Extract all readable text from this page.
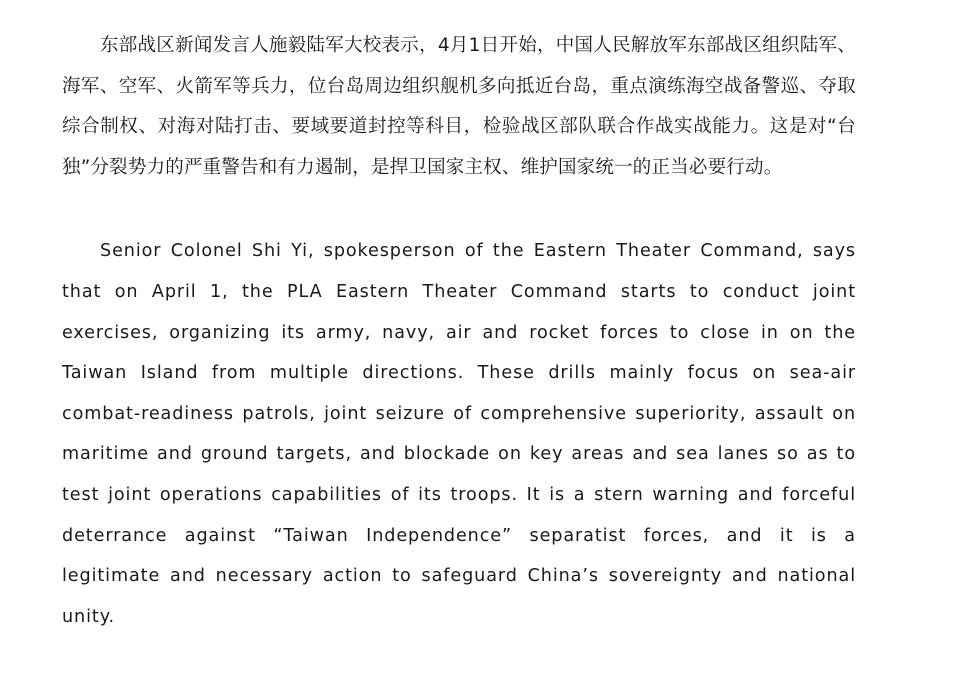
东部战区新闻发言人施毅陆军大校表示，4月1日开始，中国人民解放军东部战区组织陆军、海军、空军、火箭军等兵力，位台岛周边组织舰机多向抵近台岛，重点演练海空战备警巡、夺取综合制权、对海对陆打击、要域要道封控等科目，检验战区部队联合作战实战能力。这是对“台独”分裂势力的严重警告和有力遏制，是捍卫国家主权、维护国家统一的正当必要行动。

Senior Colonel Shi Yi, spokesperson of the Eastern Theater Command, says that on April 1, the PLA Eastern Theater Command starts to conduct joint exercises, organizing its army, navy, air and rocket forces to close in on the Taiwan Island from multiple directions. These drills mainly focus on sea-air combat-readiness patrols, joint seizure of comprehensive superiority, assault on maritime and ground targets, and blockade on key areas and sea lanes so as to test joint operations capabilities of its troops. It is a stern warning and forceful deterrance against “Taiwan Independence” separatist forces, and it is a legitimate and necessary action to safeguard China’s sovereignty and national unity.
